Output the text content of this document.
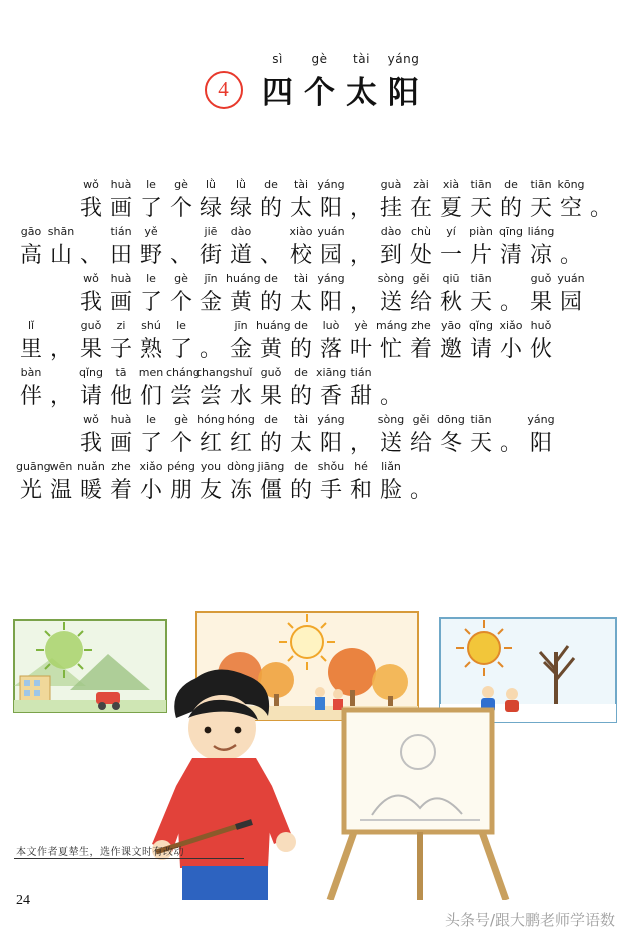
4
sì	gè	tài	yáng
四 个 太 阳
wǒ huà le gè lǜ lǜ de tài yáng	guà zài xià tiān de tiān kōng
我 画 了 个 绿 绿 的 太 阳 ， 挂 在 夏 天 的 天 空 。
gāo shān	tián yě	jiē dào	xiào yuán	dào chù yí piàn qīng liáng
高 山 、 田 野 、 街 道 、 校 园 ， 到 处 一 片 清 凉 。
wǒ huà le gè jīn huáng de tài yáng	sòng gěi qiū tiān	guǒ yuán
我 画 了 个 金 黄 的 太 阳 ， 送 给 秋 天 。 果 园
lǐ	guǒ zi shú le	jīn huáng de luò yè máng zhe yāo qǐng xiǎo huǒ
里 ， 果 子 熟 了 。 金 黄 的 落 叶 忙 着 邀 请 小 伙
bàn	qǐng tā men chángchangshuǐ guǒ de xiāng tián
伴 ， 请 他 们 尝 尝 水 果 的 香 甜 。
wǒ huà le gè hóng hóng de tài yáng	sòng gěi dōng tiān	yáng
我 画 了 个 红 红 的 太 阳 ， 送 给 冬 天 。 阳
guāngwēn nuǎn zhe xiǎo péng you dòng jiāng de shǒu hé liǎn
光 温 暖 着 小 朋 友 冻 僵 的 手 和 脸 。
本文作者夏辇生，选作课文时有改动
24
头条号/跟大鹏老师学语数
